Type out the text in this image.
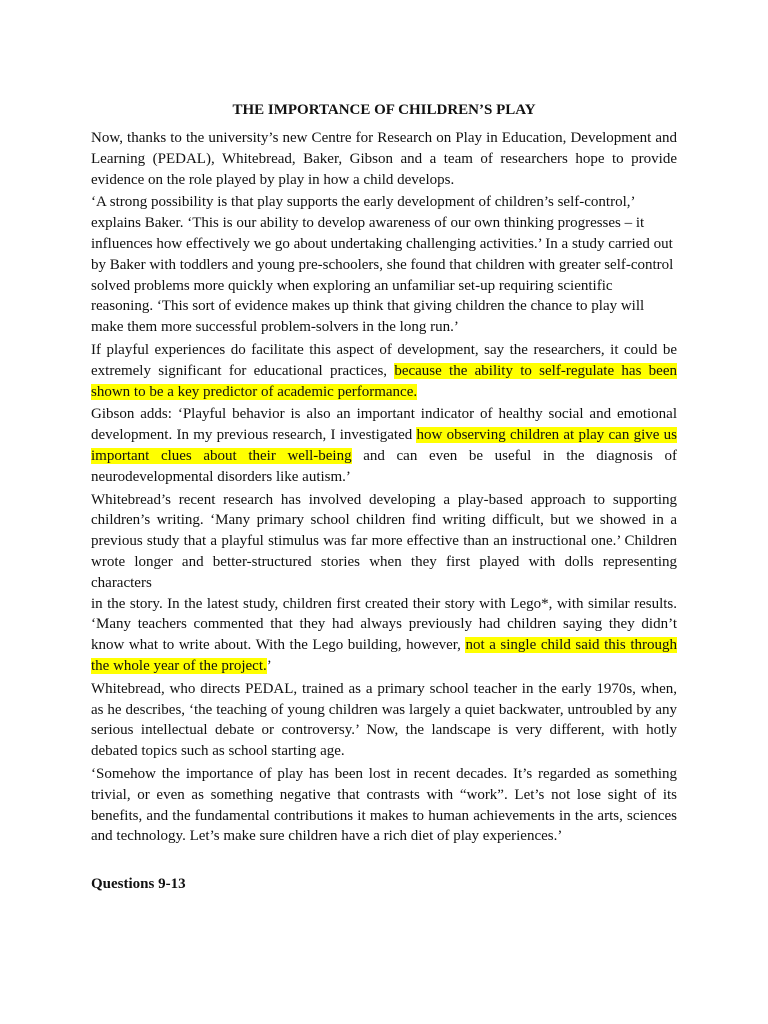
THE IMPORTANCE OF CHILDREN’S PLAY

Now, thanks to the university’s new Centre for Research on Play in Education, Development and Learning (PEDAL), Whitebread, Baker, Gibson and a team of researchers hope to provide evidence on the role played by play in how a child develops.

‘A strong possibility is that play supports the early development of children’s self-control,’ explains Baker. ‘This is our ability to develop awareness of our own thinking progresses – it influences how effectively we go about undertaking challenging activities.’ In a study carried out by Baker with toddlers and young pre-schoolers, she found that children with greater self-control solved problems more quickly when exploring an unfamiliar set-up requiring scientific reasoning. ‘This sort of evidence makes up think that giving children the chance to play will make them more successful problem-solvers in the long run.’

If playful experiences do facilitate this aspect of development, say the researchers, it could be extremely significant for educational practices, because the ability to self-regulate has been shown to be a key predictor of academic performance.

Gibson adds: ‘Playful behavior is also an important indicator of healthy social and emotional development. In my previous research, I investigated how observing children at play can give us important clues about their well-being and can even be useful in the diagnosis of neurodevelopmental disorders like autism.’

Whitebread’s recent research has involved developing a play-based approach to supporting children’s writing. ‘Many primary school children find writing difficult, but we showed in a previous study that a playful stimulus was far more effective than an instructional one.’ Children wrote longer and better-structured stories when they first played with dolls representing characters

in the story. In the latest study, children first created their story with Lego*, with similar results. ‘Many teachers commented that they had always previously had children saying they didn’t know what to write about. With the Lego building, however, not a single child said this through the whole year of the project.’

Whitebread, who directs PEDAL, trained as a primary school teacher in the early 1970s, when, as he describes, ‘the teaching of young children was largely a quiet backwater, untroubled by any serious intellectual debate or controversy.’ Now, the landscape is very different, with hotly debated topics such as school starting age.

‘Somehow the importance of play has been lost in recent decades. It’s regarded as something trivial, or even as something negative that contrasts with “work”. Let’s not lose sight of its benefits, and the fundamental contributions it makes to human achievements in the arts, sciences and technology. Let’s make sure children have a rich diet of play experiences.’

Questions 9-13
